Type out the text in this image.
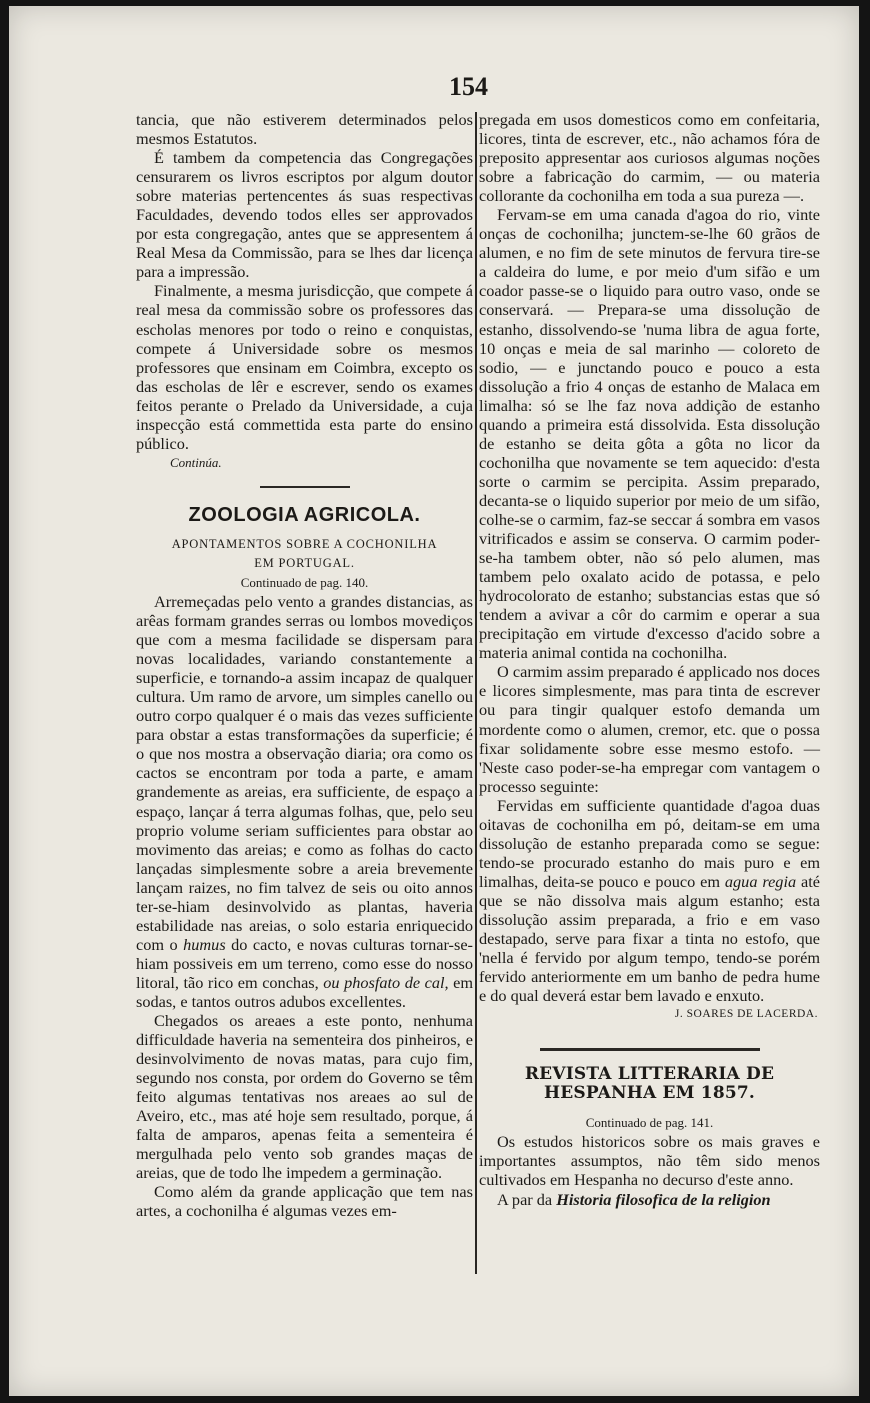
154

tancia, que não estiverem determinados pelos mesmos Estatutos.

É tambem da competencia das Congregações censurarem os livros escriptos por algum doutor sobre materias pertencentes ás suas respectivas Faculdades, devendo todos elles ser approvados por esta congregação, antes que se appresentem á Real Mesa da Commissão, para se lhes dar licença para a impressão.

Finalmente, a mesma jurisdicção, que compete á real mesa da commissão sobre os professores das escholas menores por todo o reino e conquistas, compete á Universidade sobre os mesmos professores que ensinam em Coimbra, excepto os das escholas de lêr e escrever, sendo os exames feitos perante o Prelado da Universidade, a cuja inspecção está commettida esta parte do ensino público.

Continúa.

ZOOLOGIA AGRICOLA.

APONTAMENTOS SOBRE A COCHONILHA

EM PORTUGAL.

Continuado de pag. 140.

Arremeçadas pelo vento a grandes distancias, as arêas formam grandes serras ou lombos movediços que com a mesma facilidade se dispersam para novas localidades, variando constantemente a superficie, e tornando-a assim incapaz de qualquer cultura. Um ramo de arvore, um simples canello ou outro corpo qualquer é o mais das vezes sufficiente para obstar a estas transformações da superficie; é o que nos mostra a observação diaria; ora como os cactos se encontram por toda a parte, e amam grandemente as areias, era sufficiente, de espaço a espaço, lançar á terra algumas folhas, que, pelo seu proprio volume seriam sufficientes para obstar ao movimento das areias; e como as folhas do cacto lançadas simplesmente sobre a areia brevemente lançam raizes, no fim talvez de seis ou oito annos ter-se-hiam desinvolvido as plantas, haveria estabilidade nas areias, o solo estaria enriquecido com o humus do cacto, e novas culturas tornar-se-hiam possiveis em um terreno, como esse do nosso litoral, tão rico em conchas, ou phosfato de cal, em sodas, e tantos outros adubos excellentes.

Chegados os areaes a este ponto, nenhuma difficuldade haveria na sementeira dos pinheiros, e desinvolvimento de novas matas, para cujo fim, segundo nos consta, por ordem do Governo se têm feito algumas tentativas nos areaes ao sul de Aveiro, etc., mas até hoje sem resultado, porque, á falta de amparos, apenas feita a sementeira é mergulhada pelo vento sob grandes maças de areias, que de todo lhe impedem a germinação.

Como além da grande applicação que tem nas artes, a cochonilha é algumas vezes em-

pregada em usos domesticos como em confeitaria, licores, tinta de escrever, etc., não achamos fóra de preposito appresentar aos curiosos algumas noções sobre a fabricação do carmim, — ou materia collorante da cochonilha em toda a sua pureza —.

Fervam-se em uma canada d'agoa do rio, vinte onças de cochonilha; junctem-se-lhe 60 grãos de alumen, e no fim de sete minutos de fervura tire-se a caldeira do lume, e por meio d'um sifão e um coador passe-se o liquido para outro vaso, onde se conservará. — Prepara-se uma dissolução de estanho, dissolvendo-se 'numa libra de agua forte, 10 onças e meia de sal marinho — coloreto de sodio, — e junctando pouco e pouco a esta dissolução a frio 4 onças de estanho de Malaca em limalha: só se lhe faz nova addição de estanho quando a primeira está dissolvida. Esta dissolução de estanho se deita gôta a gôta no licor da cochonilha que novamente se tem aquecido: d'esta sorte o carmim se percipita. Assim preparado, decanta-se o liquido superior por meio de um sifão, colhe-se o carmim, faz-se seccar á sombra em vasos vitrificados e assim se conserva. O carmim poder-se-ha tambem obter, não só pelo alumen, mas tambem pelo oxalato acido de potassa, e pelo hydrocolorato de estanho; substancias estas que só tendem a avivar a côr do carmim e operar a sua precipitação em virtude d'excesso d'acido sobre a materia animal contida na cochonilha.

O carmim assim preparado é applicado nos doces e licores simplesmente, mas para tinta de escrever ou para tingir qualquer estofo demanda um mordente como o alumen, cremor, etc. que o possa fixar solidamente sobre esse mesmo estofo. — 'Neste caso poder-se-ha empregar com vantagem o processo seguinte:

Fervidas em sufficiente quantidade d'agoa duas oitavas de cochonilha em pó, deitam-se em uma dissolução de estanho preparada como se segue: tendo-se procurado estanho do mais puro e em limalhas, deita-se pouco e pouco em agua regia até que se não dissolva mais algum estanho; esta dissolução assim preparada, a frio e em vaso destapado, serve para fixar a tinta no estofo, que 'nella é fervido por algum tempo, tendo-se porém fervido anteriormente em um banho de pedra hume e do qual deverá estar bem lavado e enxuto.

J. SOARES DE LACERDA.

REVISTA LITTERARIA DE HESPANHA EM 1857.

Continuado de pag. 141.

Os estudos historicos sobre os mais graves e importantes assumptos, não têm sido menos cultivados em Hespanha no decurso d'este anno.

A par da Historia filosofica de la religion
